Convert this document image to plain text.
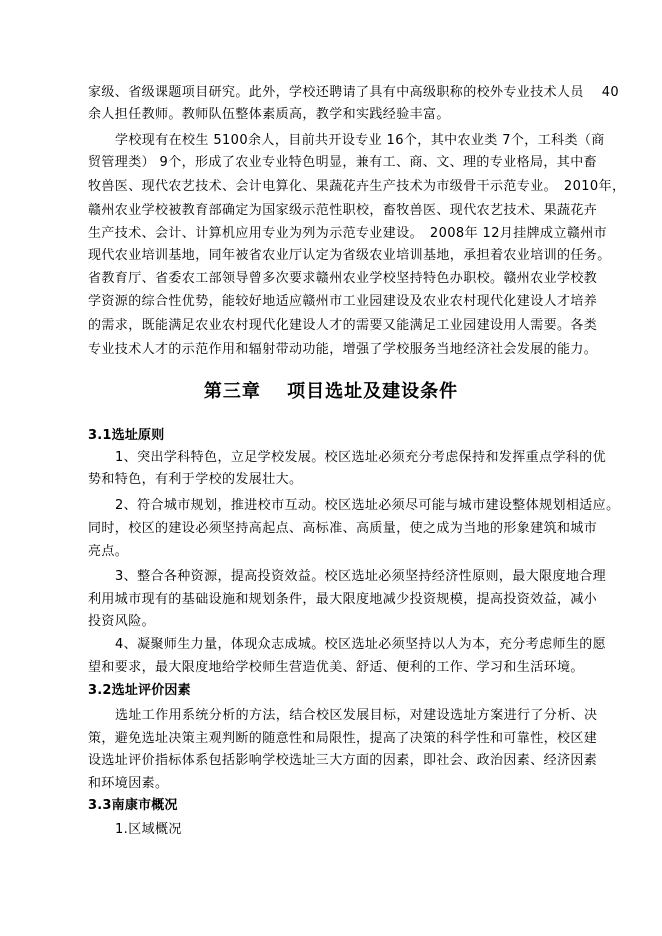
家级、省级课题项目研究。此外，学校还聘请了具有中高级职称的校外专业技术人员　 40
余人担任教师。教师队伍整体素质高，教学和实践经验丰富。
学校现有在校生 5100余人，目前共开设专业 16个，其中农业类 7个，工科类（商
贸管理类） 9个，形成了农业专业特色明显，兼有工、商、文、理的专业格局，其中畜
牧兽医、现代农艺技术、会计电算化、果蔬花卉生产技术为市级骨干示范专业。　2010年，
赣州农业学校被教育部确定为国家级示范性职校，畜牧兽医、现代农艺技术、果蔬花卉
生产技术、会计、计算机应用专业为列为示范专业建设。　2008年 12月挂牌成立赣州市
现代农业培训基地，同年被省农业厅认定为省级农业培训基地，承担着农业培训的任务。
省教育厅、省委农工部领导曾多次要求赣州农业学校坚持特色办职校。赣州农业学校教
学资源的综合性优势，能较好地适应赣州市工业园建设及农业农村现代化建设人才培养
的需求，既能满足农业农村现代化建设人才的需要又能满足工业园建设用人需要。各类
专业技术人才的示范作用和辐射带动功能，增强了学校服务当地经济社会发展的能力。
第三章　 项目选址及建设条件
3.1选址原则
1、突出学科特色，立足学校发展。校区选址必须充分考虑保持和发挥重点学科的优
势和特色，有利于学校的发展壮大。
2、符合城市规划，推进校市互动。校区选址必须尽可能与城市建设整体规划相适应。
同时，校区的建设必须坚持高起点、高标准、高质量，使之成为当地的形象建筑和城市
亮点。
3、整合各种资源，提高投资效益。校区选址必须坚持经济性原则，最大限度地合理
利用城市现有的基础设施和规划条件，最大限度地减少投资规模，提高投资效益，减小
投资风险。
4、凝聚师生力量，体现众志成城。校区选址必须坚持以人为本，充分考虑师生的愿
望和要求，最大限度地给学校师生营造优美、舒适、便利的工作、学习和生活环境。
3.2选址评价因素
选址工作用系统分析的方法，结合校区发展目标，对建设选址方案进行了分析、决
策，避免选址决策主观判断的随意性和局限性，提高了决策的科学性和可靠性，校区建
设选址评价指标体系包括影响学校选址三大方面的因素，即社会、政治因素、经济因素
和环境因素。
3.3南康市概况
1.区域概况
